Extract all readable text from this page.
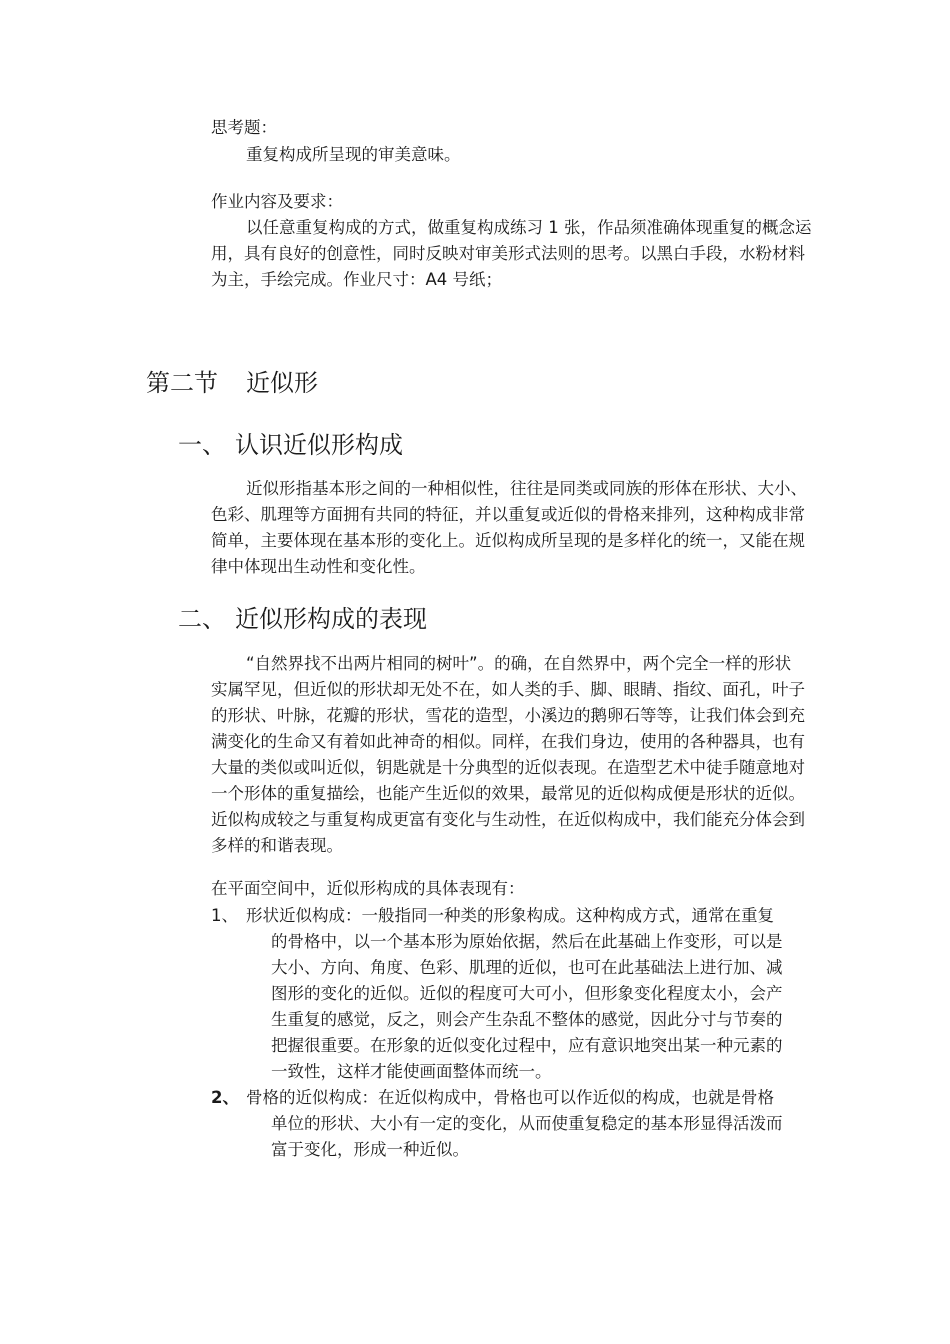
思考题：
重复构成所呈现的审美意味。
作业内容及要求：
以任意重复构成的方式，做重复构成练习 1 张，作品须准确体现重复的概念运
用，具有良好的创意性，同时反映对审美形式法则的思考。以黑白手段，水粉材料
为主，手绘完成。作业尺寸：A4 号纸；
第二节 近似形
一、 认识近似形构成
近似形指基本形之间的一种相似性，往往是同类或同族的形体在形状、大小、
色彩、肌理等方面拥有共同的特征，并以重复或近似的骨格来排列，这种构成非常
简单，主要体现在基本形的变化上。近似构成所呈现的是多样化的统一，又能在规
律中体现出生动性和变化性。
二、 近似形构成的表现
“自然界找不出两片相同的树叶”。的确，在自然界中，两个完全一样的形状
实属罕见，但近似的形状却无处不在，如人类的手、脚、眼睛、指纹、面孔，叶子
的形状、叶脉，花瓣的形状，雪花的造型，小溪边的鹅卵石等等，让我们体会到充
满变化的生命又有着如此神奇的相似。同样，在我们身边，使用的各种器具，也有
大量的类似或叫近似，钥匙就是十分典型的近似表现。在造型艺术中徒手随意地对
一个形体的重复描绘，也能产生近似的效果，最常见的近似构成便是形状的近似。
近似构成较之与重复构成更富有变化与生动性，在近似构成中，我们能充分体会到
多样的和谐表现。
在平面空间中，近似形构成的具体表现有：
1、 形状近似构成：一般指同一种类的形象构成。这种构成方式，通常在重复
的骨格中，以一个基本形为原始依据，然后在此基础上作变形，可以是
大小、方向、角度、色彩、肌理的近似，也可在此基础法上进行加、减
图形的变化的近似。近似的程度可大可小，但形象变化程度太小，会产
生重复的感觉，反之，则会产生杂乱不整体的感觉，因此分寸与节奏的
把握很重要。在形象的近似变化过程中，应有意识地突出某一种元素的
一致性，这样才能使画面整体而统一。
2、 骨格的近似构成：在近似构成中，骨格也可以作近似的构成，也就是骨格
单位的形状、大小有一定的变化，从而使重复稳定的基本形显得活泼而
富于变化，形成一种近似。
